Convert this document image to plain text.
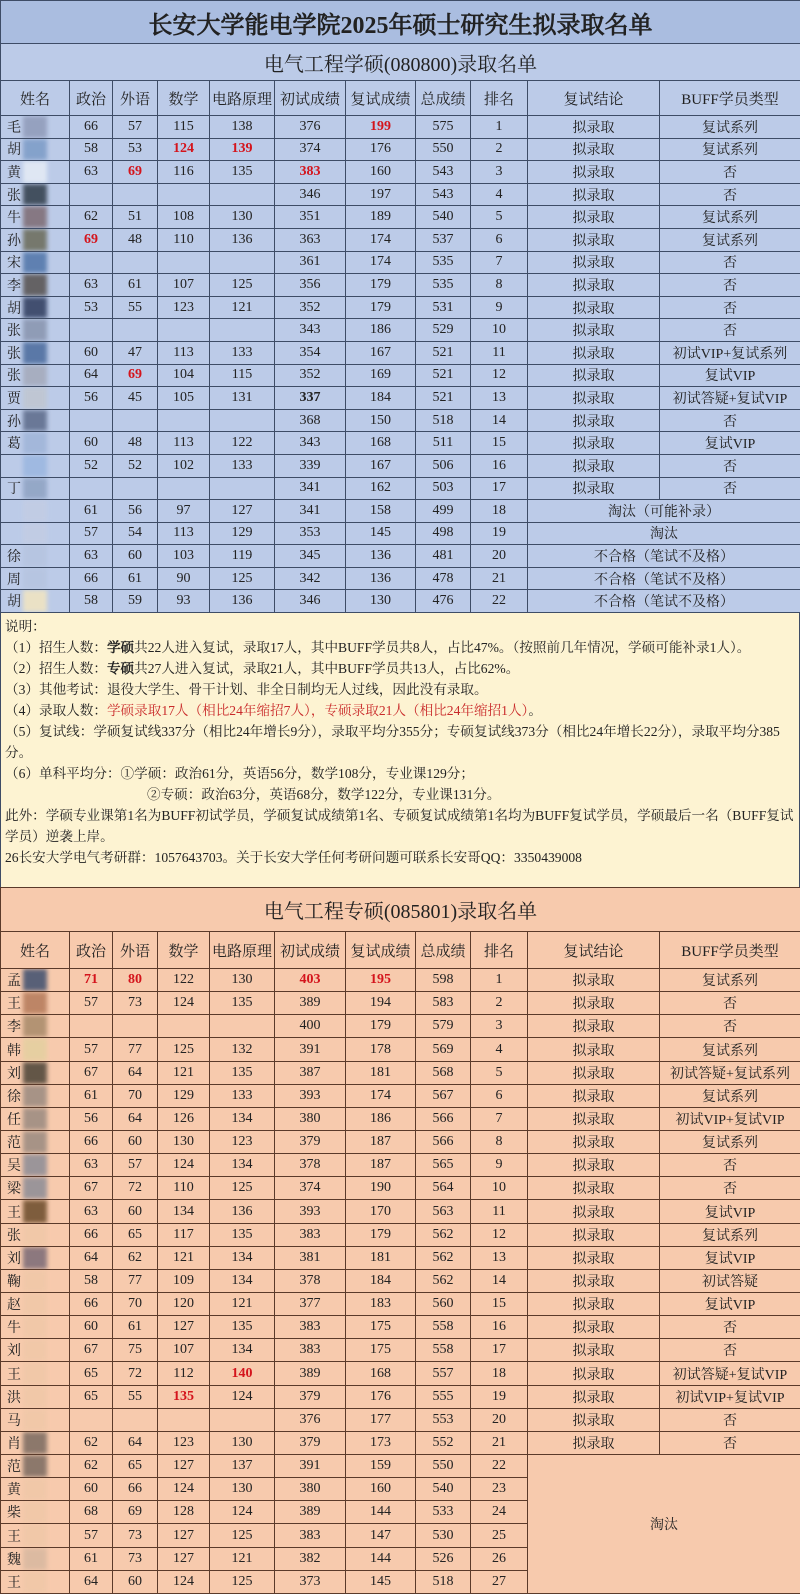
长安大学能电学院2025年硕士研究生拟录取名单										
电气工程学硕(080800)录取名单										
姓名	政治	外语	数学	电路原理	初试成绩	复试成绩	总成绩	排名	复试结论	BUFF学员类型
毛	66	57	115	138	376	199	575	1	拟录取	复试系列
胡	58	53	124	139	374	176	550	2	拟录取	复试系列
黄	63	69	116	135	383	160	543	3	拟录取	否
张					346	197	543	4	拟录取	否
牛	62	51	108	130	351	189	540	5	拟录取	复试系列
孙	69	48	110	136	363	174	537	6	拟录取	复试系列
宋					361	174	535	7	拟录取	否
李	63	61	107	125	356	179	535	8	拟录取	否
胡	53	55	123	121	352	179	531	9	拟录取	否
张					343	186	529	10	拟录取	否
张	60	47	113	133	354	167	521	11	拟录取	初试VIP+复试系列
张	64	69	104	115	352	169	521	12	拟录取	复试VIP
贾	56	45	105	131	337	184	521	13	拟录取	初试答疑+复试VIP
孙					368	150	518	14	拟录取	否
葛	60	48	113	122	343	168	511	15	拟录取	复试VIP

	52	52	102	133	339	167	506	16	拟录取	否
丁					341	162	503	17	拟录取	否

	61	56	97	127	341	158	499	18	淘汰（可能补录）	

	57	54	113	129	353	145	498	19	淘汰	
徐	63	60	103	119	345	136	481	20	不合格（笔试不及格）	
周	66	61	90	125	342	136	478	21	不合格（笔试不及格）	
胡	58	59	93	136	346	130	476	22	不合格（笔试不及格）	
说明：
（1）招生人数：学硕共22人进入复试，录取17人，其中BUFF学员共8人，占比47%。（按照前几年情况，学硕可能补录1人）。
（2）招生人数：专硕共27人进入复试，录取21人，其中BUFF学员共13人，占比62%。
（3）其他考试：退役大学生、骨干计划、非全日制均无人过线，因此没有录取。
（4）录取人数：学硕录取17人（相比24年缩招7人），专硕录取21人（相比24年缩招1人）。
（5）复试线：学硕复试线337分（相比24年增长9分），录取平均分355分；专硕复试线373分（相比24年增长22分），录取平均分385分。
（6）单科平均分：①学硕：政治61分，英语56分，数学108分，专业课129分；
②专硕：政治63分，英语68分，数学122分，专业课131分。
此外：学硕专业课第1名为BUFF初试学员，学硕复试成绩第1名、专硕复试成绩第1名均为BUFF复试学员，学硕最后一名（BUFF复试学员）逆袭上岸。
26长安大学电气考研群：1057643703。关于长安大学任何考研问题可联系长安哥QQ：3350439008
电气工程专硕(085801)录取名单										
姓名	政治	外语	数学	电路原理	初试成绩	复试成绩	总成绩	排名	复试结论	BUFF学员类型
孟	71	80	122	130	403	195	598	1	拟录取	复试系列
王	57	73	124	135	389	194	583	2	拟录取	否
李					400	179	579	3	拟录取	否
韩	57	77	125	132	391	178	569	4	拟录取	复试系列
刘	67	64	121	135	387	181	568	5	拟录取	初试答疑+复试系列
徐	61	70	129	133	393	174	567	6	拟录取	复试系列
任	56	64	126	134	380	186	566	7	拟录取	初试VIP+复试VIP
范	66	60	130	123	379	187	566	8	拟录取	复试系列
吴	63	57	124	134	378	187	565	9	拟录取	否
梁	67	72	110	125	374	190	564	10	拟录取	否
王	63	60	134	136	393	170	563	11	拟录取	复试VIP
张	66	65	117	135	383	179	562	12	拟录取	复试系列
刘	64	62	121	134	381	181	562	13	拟录取	复试VIP
鞠	58	77	109	134	378	184	562	14	拟录取	初试答疑
赵	66	70	120	121	377	183	560	15	拟录取	复试VIP
牛	60	61	127	135	383	175	558	16	拟录取	否
刘	67	75	107	134	383	175	558	17	拟录取	否
王	65	72	112	140	389	168	557	18	拟录取	初试答疑+复试VIP
洪	65	55	135	124	379	176	555	19	拟录取	初试VIP+复试VIP
马					376	177	553	20	拟录取	否
肖	62	64	123	130	379	173	552	21	拟录取	否
范	62	65	127	137	391	159	550	22	淘汰	
黄	60	66	124	130	380	160	540	23		
柴	68	69	128	124	389	144	533	24		
王	57	73	127	125	383	147	530	25		
魏	61	73	127	121	382	144	526	26		
王	64	60	124	125	373	145	518	27		
